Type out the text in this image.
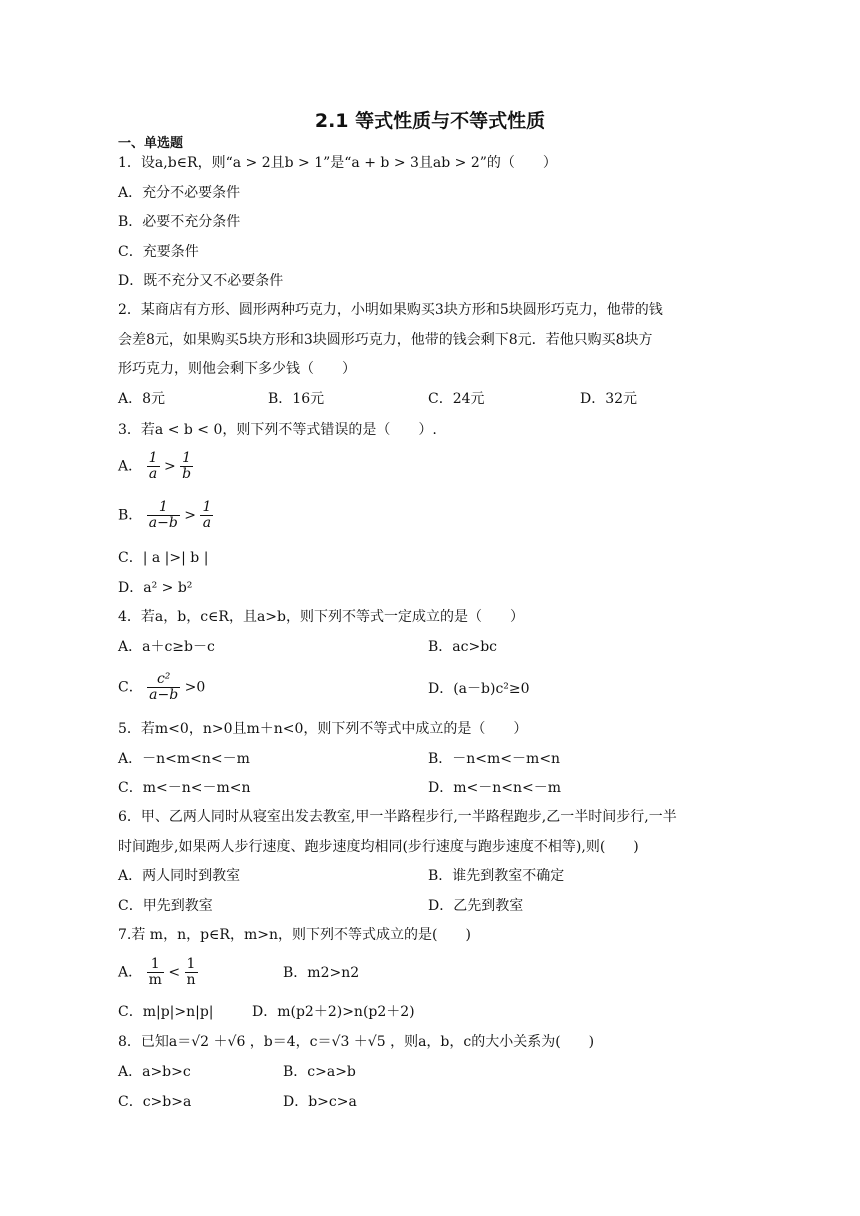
2.1 等式性质与不等式性质
一、单选题
1．设a,b∈R，则“a > 2且b > 1”是“a + b > 3且ab > 2”的（　　）
A．充分不必要条件
B．必要不充分条件
C．充要条件
D．既不充分又不必要条件
2．某商店有方形、圆形两种巧克力，小明如果购买3块方形和5块圆形巧克力，他带的钱
会差8元，如果购买5块方形和3块圆形巧克力，他带的钱会剩下8元．若他只购买8块方
形巧克力，则他会剩下多少钱（　　）
A．8元	B．16元	C．24元	D．32元
3．若a < b < 0，则下列不等式错误的是（　　）.
A． $\frac{1}{a} > \frac{1}{b}$
B． $\frac{1}{a-b} > \frac{1}{a}$
C．| a |>| b |
D．a² > b²
4．若a，b，c∈R，且a>b，则下列不等式一定成立的是（　　）
A．a＋c≥b－c	B．ac>bc
C． $\frac{\text{c²}}{a-b} >0$	D．(a－b)c²≥0
5．若m<0，n>0且m＋n<0，则下列不等式中成立的是（　　）
A．－n<m<n<－m	B．－n<m<－m<n
C．m<－n<－m<n	D．m<－n<n<－m
6．甲、乙两人同时从寝室出发去教室,甲一半路程步行,一半路程跑步,乙一半时间步行,一半
时间跑步,如果两人步行速度、跑步速度均相同(步行速度与跑步速度不相等),则(　　)
A．两人同时到教室	B．谁先到教室不确定
C．甲先到教室	D．乙先到教室
7.若 m，n，p∈R，m>n，则下列不等式成立的是(　　)
A． $\frac{1}{m} < \frac{1}{n}$	B．m2>n2
C．m|p|>n|p|	D．m(p2＋2)>n(p2＋2)
8．已知a＝√2 ＋√6 ，b＝4，c＝√3 ＋√5 ，则a，b，c的大小关系为(　　)
A．a>b>c	B．c>a>b
C．c>b>a	D．b>c>a
